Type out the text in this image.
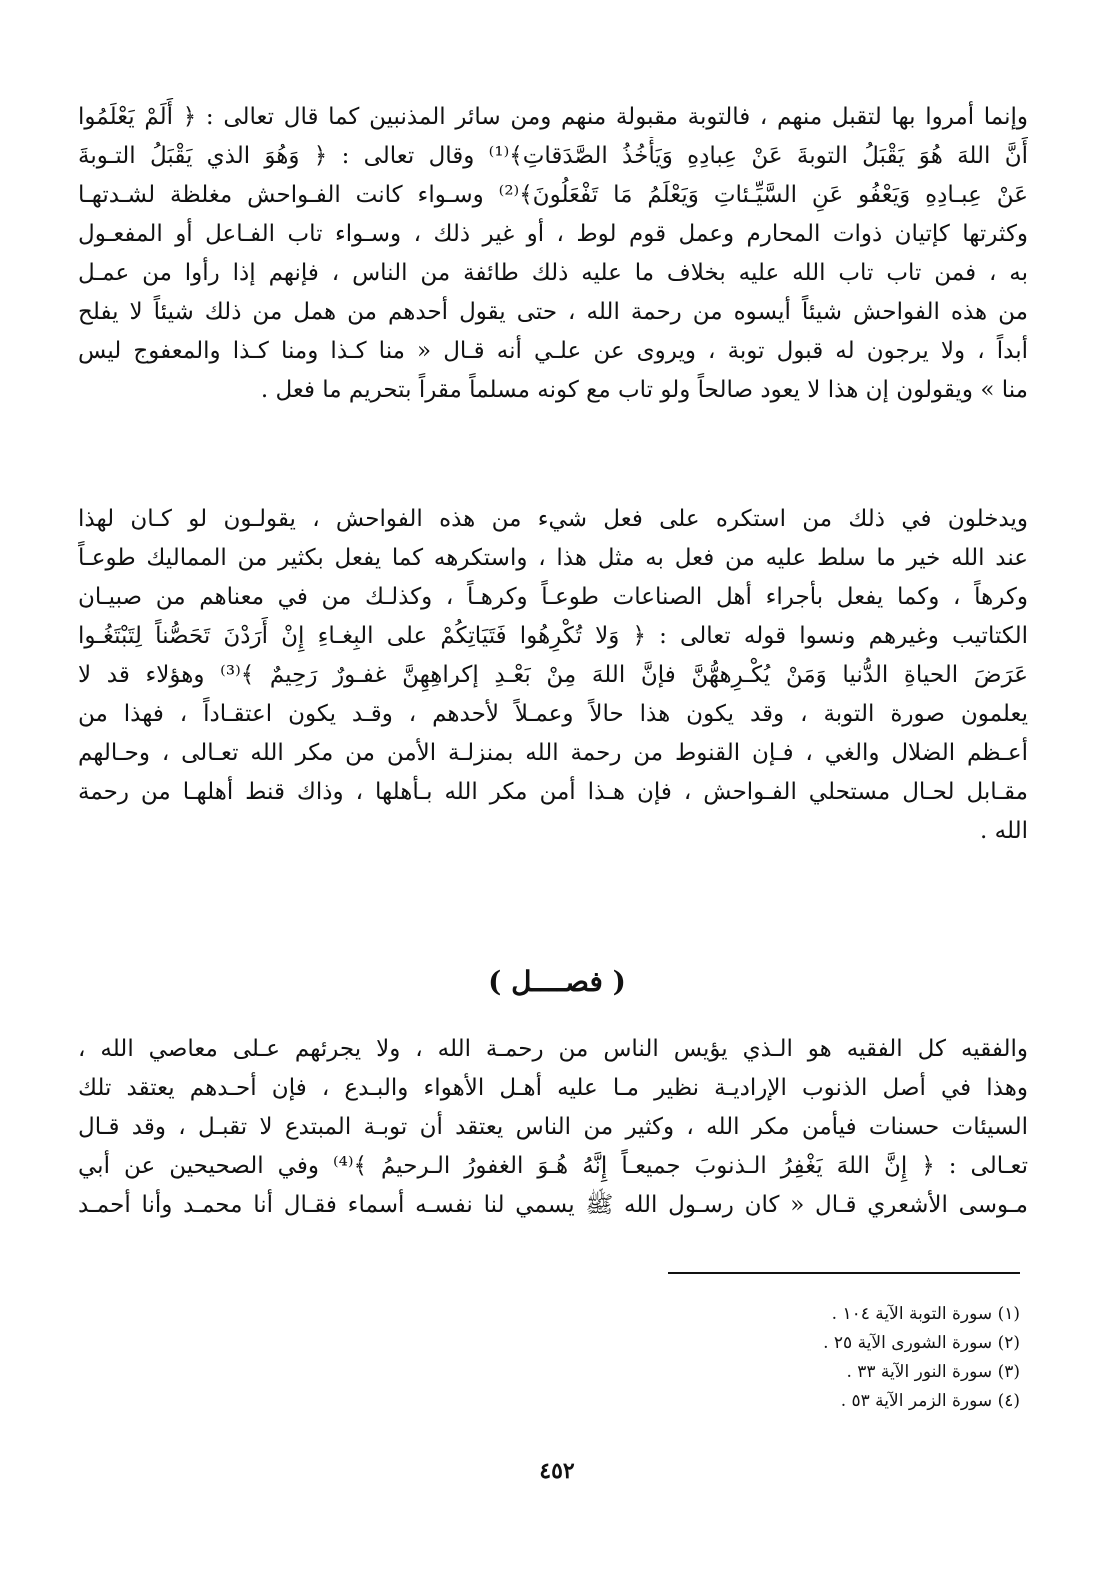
وإنما أمروا بها لتقبل منهم ، فالتوبة مقبولة منهم ومن سائر المذنبين كما قال تعالى : ﴿ أَلَمْ يَعْلَمُوا
أَنَّ اللهَ هُوَ يَقْبَلُ التوبةَ عَنْ عِبادِهِ وَيَأْخُذُ الصَّدَقاتِ﴾⁽¹⁾ وقال تعالى : ﴿ وَهُوَ الذي يَقْبَلُ التـوبةَ
عَنْ عِبـادِهِ وَيَعْفُو عَنِ السَّيِّـئاتِ وَيَعْلَمُ مَا تَفْعَلُونَ﴾⁽²⁾ وسـواء كانت الفـواحش مغلظة لشـدتهـا
وكثرتها كإتيان ذوات المحارم وعمل قوم لوط ، أو غير ذلك ، وسـواء تاب الفـاعل أو المفعـول
به ، فمن تاب تاب الله عليه بخلاف ما عليه ذلك طائفة من الناس ، فإنهم إذا رأوا من عمـل
من هذه الفواحش شيئاً أيسوه من رحمة الله ، حتى يقول أحدهم من همل من ذلك شيئاً لا يفلح
أبداً ، ولا يرجون له قبول توبة ، ويروى عن علـي أنه قـال « منا كـذا ومنا كـذا والمعفوج ليس
منا » ويقولون إن هذا لا يعود صالحاً ولو تاب مع كونه مسلماً مقراً بتحريم ما فعل .
ويدخلون في ذلك من استكره على فعل شيء من هذه الفواحش ، يقولـون لو كـان لهذا
عند الله خير ما سلط عليه من فعل به مثل هذا ، واستكرهه كما يفعل بكثير من المماليك طوعـاً
وكرهاً ، وكما يفعل بأجراء أهل الصناعات طوعـاً وكرهـاً ، وكذلـك من في معناهم من صبيـان
الكتاتيب وغيرهم ونسوا قوله تعالى : ﴿ وَلا تُكْرِهُوا فَتَيَاتِكُمْ على البِغـاءِ إِنْ أَرَدْنَ تَحَصُّناً لِتَبْتَغُـوا
عَرَضَ الحياةِ الدُّنيا وَمَنْ يُكْـرِههُّنَّ فإنَّ اللهَ مِنْ بَعْـدِ إكراهِهِنَّ غفـورٌ رَحِيمٌ ﴾⁽³⁾ وهؤلاء قد لا
يعلمون صورة التوبة ، وقد يكون هذا حالاً وعمـلاً لأحدهم ، وقـد يكون اعتقـاداً ، فهذا من
أعـظم الضلال والغي ، فـإن القنوط من رحمة الله بمنزلـة الأمن من مكر الله تعـالى ، وحـالهم
مقـابل لحـال مستحلي الفـواحش ، فإن هـذا أمن مكر الله بـأهلها ، وذاك قنط أهلهـا من رحمة
الله .
( فصــــل )
والفقيه كل الفقيه هو الـذي يؤيس الناس من رحمـة الله ، ولا يجرئهم عـلى معاصي الله ،
وهذا في أصل الذنوب الإراديـة نظير مـا عليه أهـل الأهواء والبـدع ، فإن أحـدهم يعتقد تلك
السيئات حسنات فيأمن مكر الله ، وكثير من الناس يعتقد أن توبـة المبتدع لا تقبـل ، وقد قـال
تعـالى : ﴿ إِنَّ اللهَ يَغْفِرُ الـذنوبَ جميعـاً إِنَّهُ هُـوَ الغفورُ الـرحيمُ ﴾⁽⁴⁾ وفي الصحيحين عن أبي
مـوسى الأشعري قـال « كان رسـول الله ﷺ يسمي لنا نفسـه أسماء فقـال أنا محمـد وأنا أحمـد
(١) سورة التوبة الآية ١٠٤ .
(٢) سورة الشورى الآية ٢٥ .
(٣) سورة النور الآية ٣٣ .
(٤) سورة الزمر الآية ٥٣ .
٤٥٢
